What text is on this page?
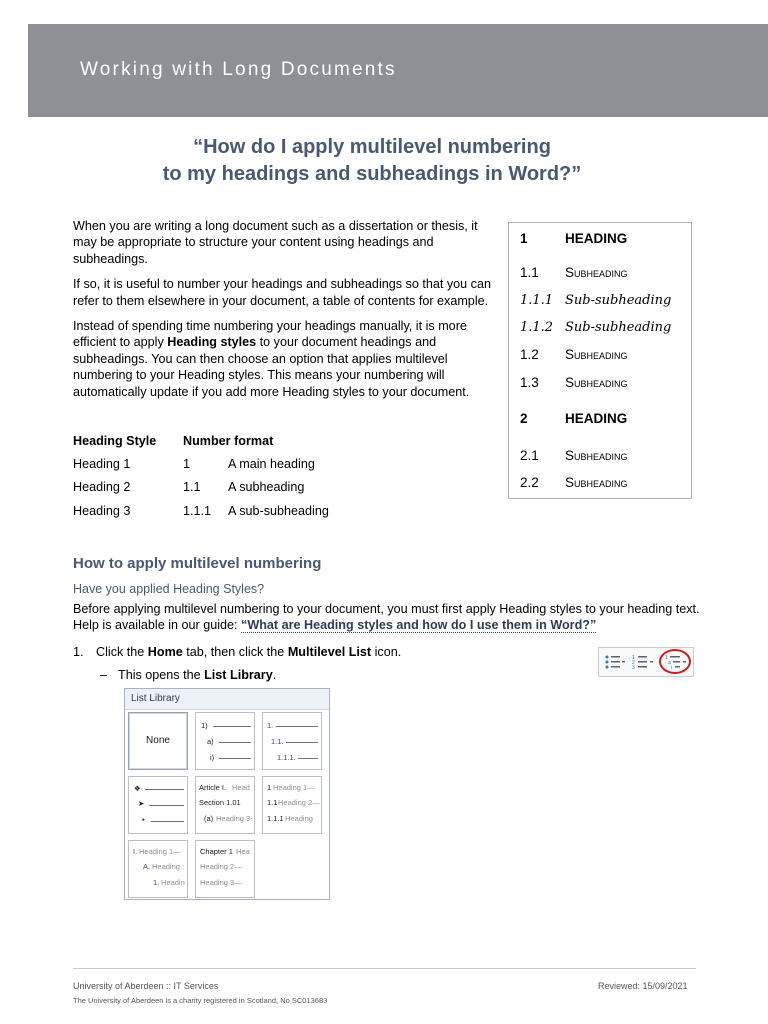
Working with Long Documents
“How do I apply multilevel numbering
to my headings and subheadings in Word?”

When you are writing a long document such as a dissertation or thesis, it may be appropriate to structure your content using headings and subheadings.

If so, it is useful to number your headings and subheadings so that you can refer to them elsewhere in your document, a table of contents for example.

Instead of spending time numbering your headings manually, it is more efficient to apply Heading styles to your document headings and subheadings. You can then choose an option that applies multilevel numbering to your Heading styles. This means your numbering will automatically update if you add more Heading styles to your document.

Heading Style	Number format	
Heading 1	1	A main heading
Heading 2	1.1	A subheading
Heading 3	1.1.1	A sub-subheading
1	HEADING
1.1 Subheading
1.1.1 Sub-subheading
1.1.2 Sub-subheading
1.2 Subheading
1.3 Subheading
2	HEADING
2.1 Subheading
2.2 Subheading
How to apply multilevel numbering
Have you applied Heading Styles?
Before applying multilevel numbering to your document, you must first apply Heading styles to your heading text. Help is available in our guide: “What are Heading styles and how do I use them in Word?”
1. Click the Home tab, then click the Multilevel List icon.
– This opens the List Library.
1
2
3
1
a
i
List Library
None
1)
a)
i)
1.
1.1.
1.1.1.
❖
➤
▪
Article I. Head
Section 1.01
(a) Heading 3-
1 Heading 1—
1.1 Heading 2—
1.1.1 Heading
I. Heading 1—
A. Heading :
1. Headin
Chapter 1 Hea
Heading 2—
Heading 3—
University of Aberdeen :: IT Services	Reviewed: 15/09/2021
The University of Aberdeen is a charity registered in Scotland, No SC013683
